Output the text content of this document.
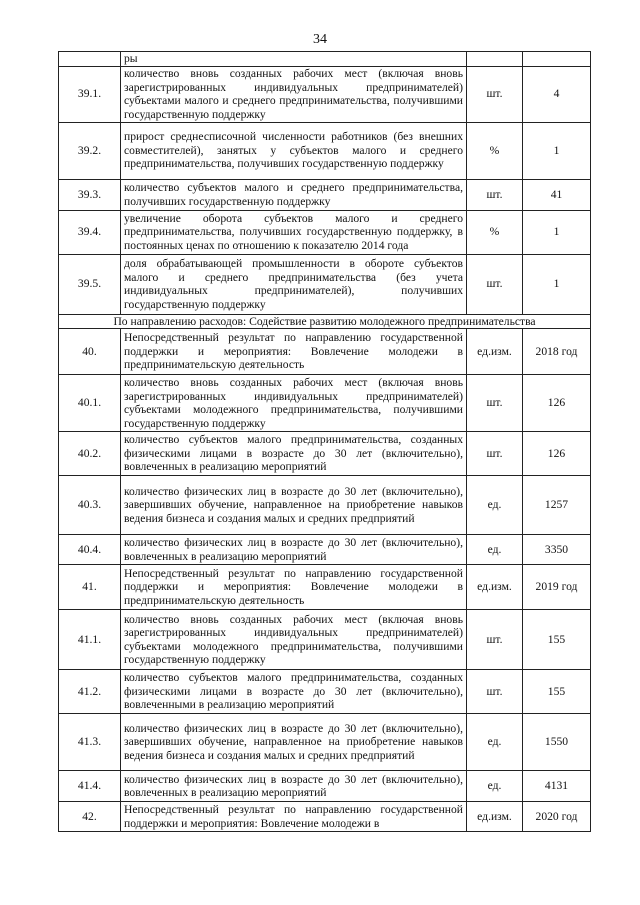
34
	ры		
39.1.	количество вновь созданных рабочих мест (включая вновь зарегистрированных индивидуальных предпринимателей) субъектами малого и среднего предпринимательства, получившими государственную поддержку	шт.	4
39.2.	прирост среднесписочной численности работников (без внешних совместителей), занятых у субъектов малого и среднего предпринимательства, получивших государственную поддержку	%	1
39.3.	количество субъектов малого и среднего предпринимательства, получивших государственную поддержку	шт.	41
39.4.	увеличение оборота субъектов малого и среднего предпринимательства, получивших государственную поддержку, в постоянных ценах по отношению к показателю 2014 года	%	1
39.5.	доля обрабатывающей промышленности в обороте субъектов малого и среднего предпринимательства (без учета индивидуальных предпринимателей), получивших государственную поддержку	шт.	1
По направлению расходов: Содействие развитию молодежного предпринимательства			
40.	Непосредственный результат по направлению государственной поддержки и мероприятия: Вовлечение молодежи в предпринимательскую деятельность	ед.изм.	2018 год
40.1.	количество вновь созданных рабочих мест (включая вновь зарегистрированных индивидуальных предпринимателей) субъектами молодежного предпринимательства, получившими государственную поддержку	шт.	126
40.2.	количество субъектов малого предпринимательства, созданных физическими лицами в возрасте до 30 лет (включительно), вовлеченных в реализацию мероприятий	шт.	126
40.3.	количество физических лиц в возрасте до 30 лет (включительно), завершивших обучение, направленное на приобретение навыков ведения бизнеса и создания малых и средних предприятий	ед.	1257
40.4.	количество физических лиц в возрасте до 30 лет (включительно), вовлеченных в реализацию мероприятий	ед.	3350
41.	Непосредственный результат по направлению государственной поддержки и мероприятия: Вовлечение молодежи в предпринимательскую деятельность	ед.изм.	2019 год
41.1.	количество вновь созданных рабочих мест (включая вновь зарегистрированных индивидуальных предпринимателей) субъектами молодежного предпринимательства, получившими государственную поддержку	шт.	155
41.2.	количество субъектов малого предпринимательства, созданных физическими лицами в возрасте до 30 лет (включительно), вовлеченными в реализацию мероприятий	шт.	155
41.3.	количество физических лиц в возрасте до 30 лет (включительно), завершивших обучение, направленное на приобретение навыков ведения бизнеса и создания малых и средних предприятий	ед.	1550
41.4.	количество физических лиц в возрасте до 30 лет (включительно), вовлеченных в реализацию мероприятий	ед.	4131
42.	Непосредственный результат по направлению государственной поддержки и мероприятия: Вовлечение молодежи в	ед.изм.	2020 год
